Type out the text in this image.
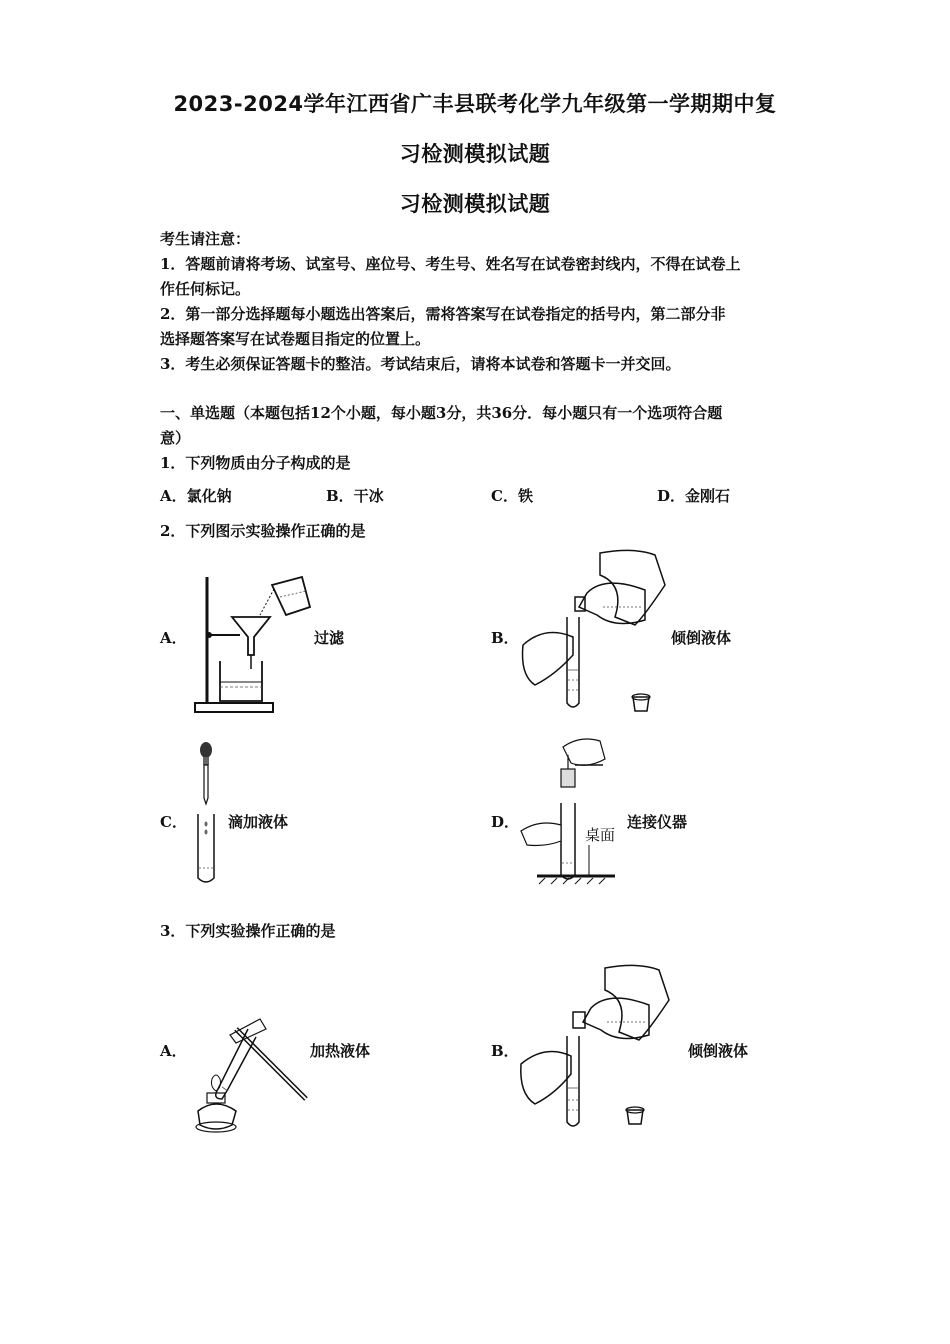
2023-2024学年江西省广丰县联考化学九年级第一学期期中复
习检测模拟试题
习检测模拟试题
考生请注意：
1．答题前请将考场、试室号、座位号、考生号、姓名写在试卷密封线内，不得在试卷上
作任何标记。
2．第一部分选择题每小题选出答案后，需将答案写在试卷指定的括号内，第二部分非
选择题答案写在试卷题目指定的位置上。
3．考生必须保证答题卡的整洁。考试结束后，请将本试卷和答题卡一并交回。
一、单选题（本题包括12个小题，每小题3分，共36分．每小题只有一个选项符合题
意）
1．下列物质由分子构成的是
A．氯化钠	B．干冰	C．铁	D．金刚石
2．下列图示实验操作正确的是
A．	过滤	B．	倾倒液体
C．	滴加液体	D．
桌面
连接仪器
3．下列实验操作正确的是
A．	加热液体	B．	倾倒液体
